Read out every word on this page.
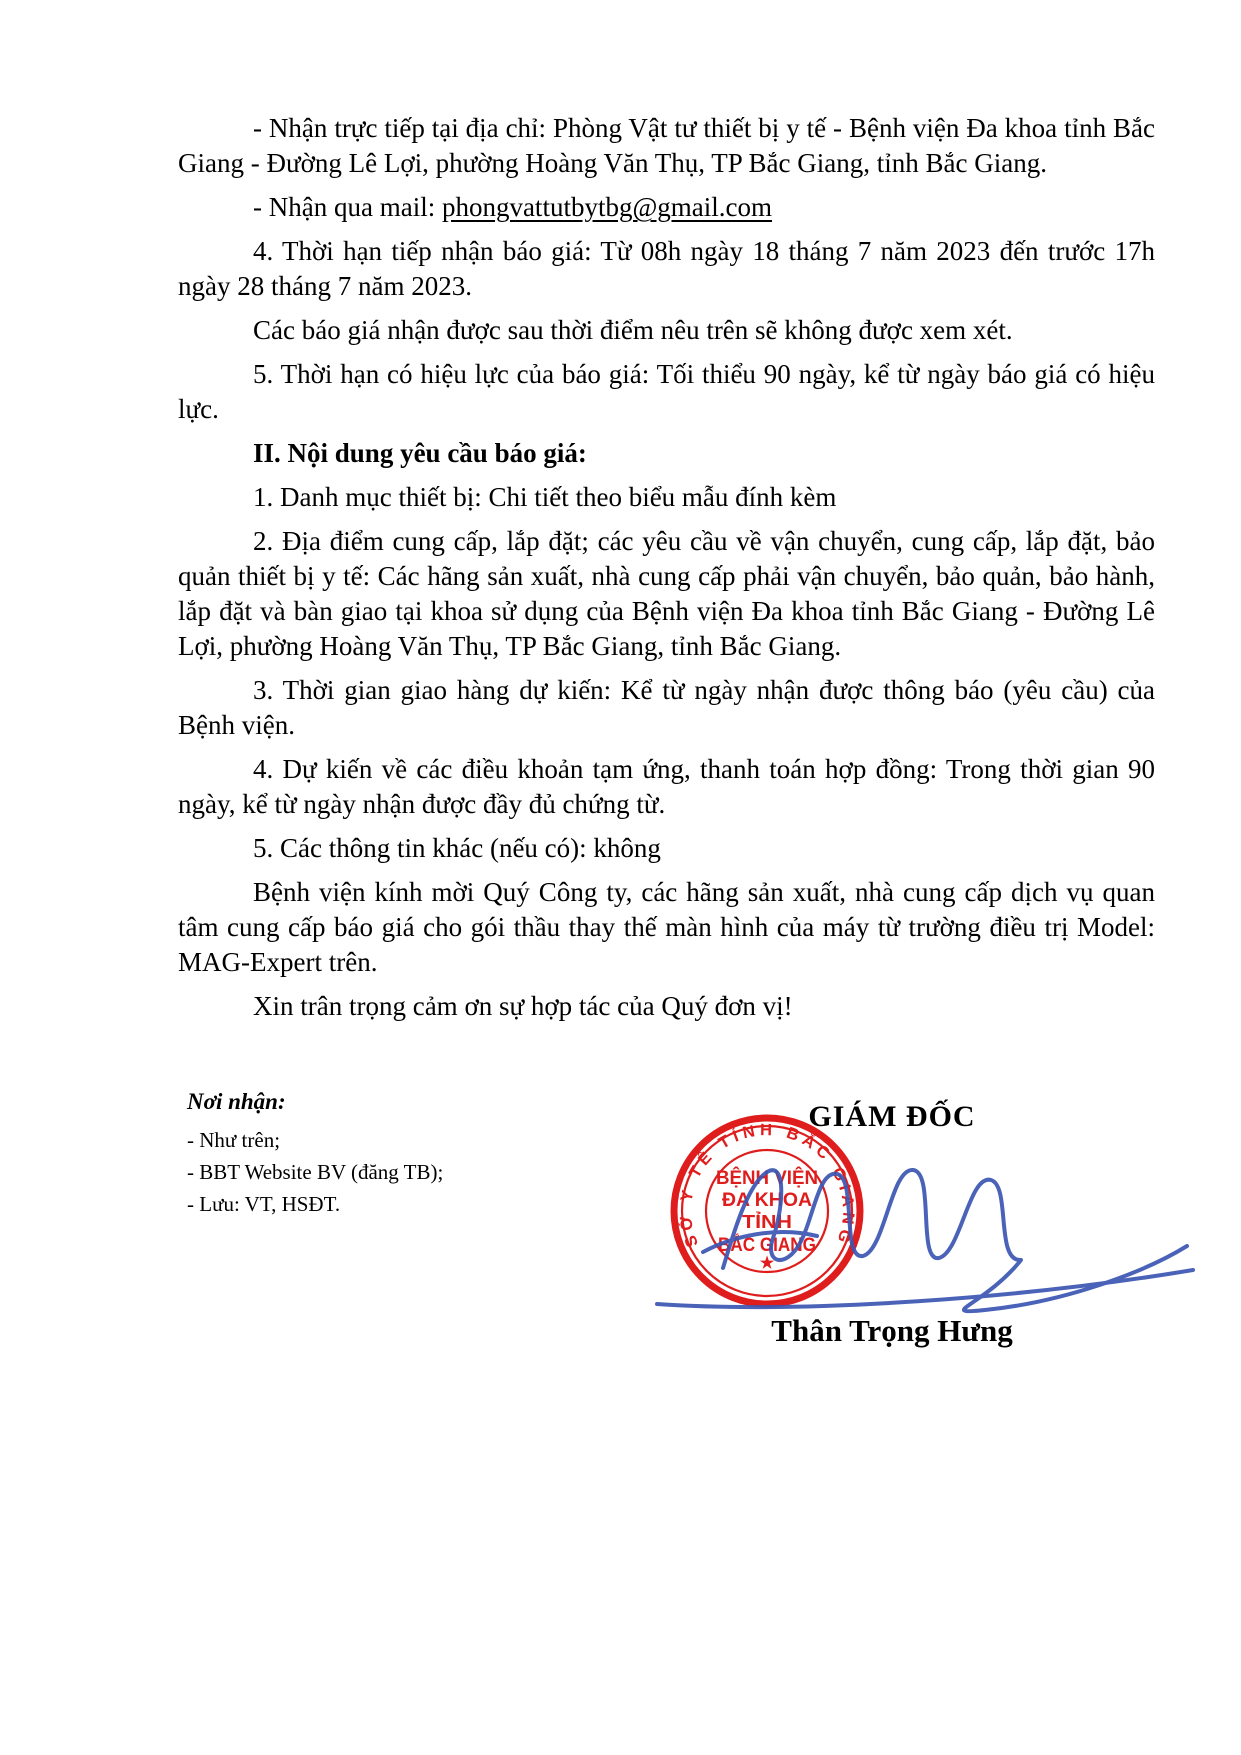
- Nhận trực tiếp tại địa chỉ: Phòng Vật tư thiết bị y tế - Bệnh viện Đa khoa tỉnh Bắc Giang - Đường Lê Lợi, phường Hoàng Văn Thụ, TP Bắc Giang, tỉnh Bắc Giang.

- Nhận qua mail: phongvattutbytbg@gmail.com

4. Thời hạn tiếp nhận báo giá: Từ 08h ngày 18 tháng 7 năm 2023 đến trước 17h ngày 28 tháng 7 năm 2023.

Các báo giá nhận được sau thời điểm nêu trên sẽ không được xem xét.

5. Thời hạn có hiệu lực của báo giá: Tối thiểu 90 ngày, kể từ ngày báo giá có hiệu lực.

II. Nội dung yêu cầu báo giá:

1. Danh mục thiết bị: Chi tiết theo biểu mẫu đính kèm

2. Địa điểm cung cấp, lắp đặt; các yêu cầu về vận chuyển, cung cấp, lắp đặt, bảo quản thiết bị y tế: Các hãng sản xuất, nhà cung cấp phải vận chuyển, bảo quản, bảo hành, lắp đặt và bàn giao tại khoa sử dụng của Bệnh viện Đa khoa tỉnh Bắc Giang - Đường Lê Lợi, phường Hoàng Văn Thụ, TP Bắc Giang, tỉnh Bắc Giang.

3. Thời gian giao hàng dự kiến: Kể từ ngày nhận được thông báo (yêu cầu) của Bệnh viện.

4. Dự kiến về các điều khoản tạm ứng, thanh toán hợp đồng: Trong thời gian 90 ngày, kể từ ngày nhận được đầy đủ chứng từ.

5. Các thông tin khác (nếu có): không

Bệnh viện kính mời Quý Công ty, các hãng sản xuất, nhà cung cấp dịch vụ quan tâm cung cấp báo giá cho gói thầu thay thế màn hình của máy từ trường điều trị Model: MAG-Expert trên.

Xin trân trọng cảm ơn sự hợp tác của Quý đơn vị!

Nơi nhận:
- Như trên;
- BBT Website BV (đăng TB);
- Lưu: VT, HSĐT.
GIÁM ĐỐC
SỞ Y TẾ TỈNH BẮC GIANG
BỆNH VIỆN
ĐA KHOA
TỈNH
BẮC GIANG
★
Thân Trọng Hưng
